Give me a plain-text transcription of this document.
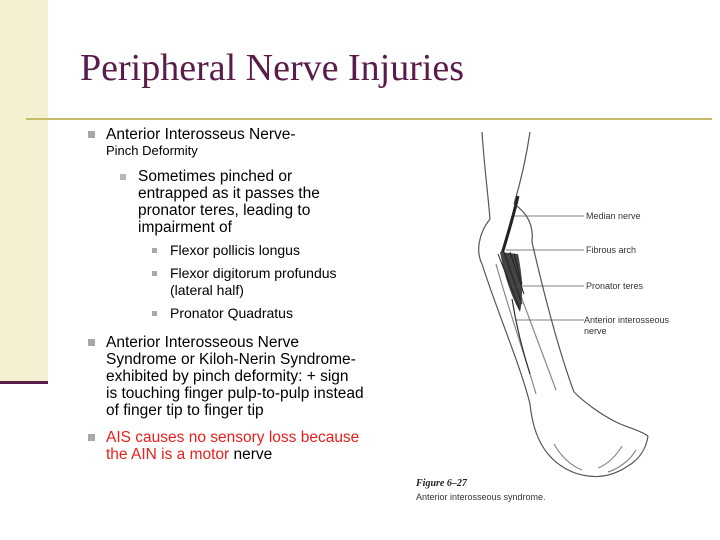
Peripheral Nerve Injuries
Anterior Interosseus Nerve-
Pinch Deformity
Sometimes pinched or entrapped as it passes the pronator teres, leading to impairment of
Flexor pollicis longus
Flexor digitorum profundus (lateral half)
Pronator Quadratus
Anterior Interosseous Nerve Syndrome or Kiloh-Nerin Syndrome- exhibited by pinch deformity: + sign is touching finger pulp-to-pulp instead of finger tip to finger tip
AIS causes no sensory loss because the AIN is a motor nerve
Median nerve
Fibrous arch
Pronator teres
Anterior interosseous
nerve
Figure 6–27
Anterior interosseous syndrome.
